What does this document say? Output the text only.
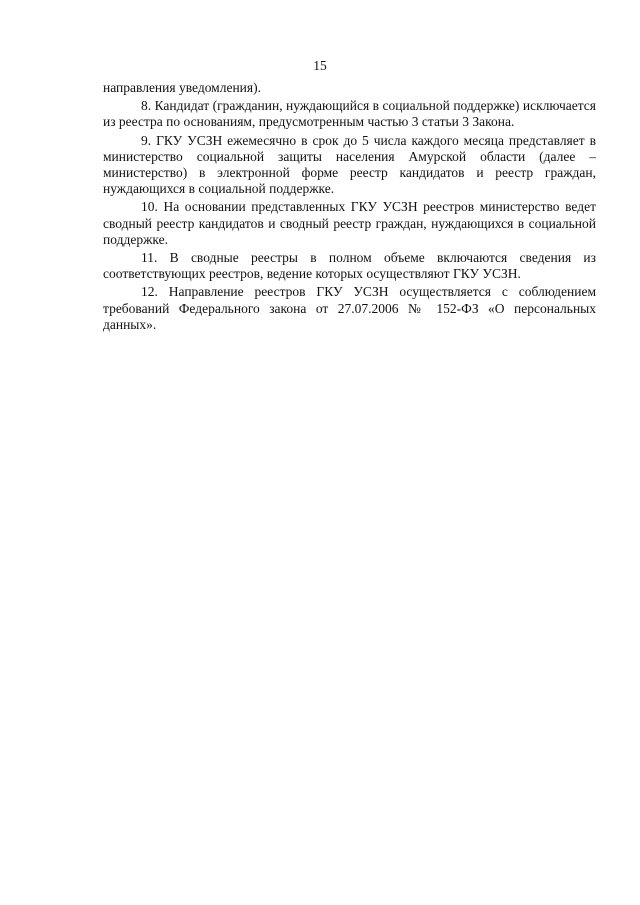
15

направления уведомления).

8. Кандидат (гражданин, нуждающийся в социальной поддержке) исключается из реестра по основаниям, предусмотренным частью 3 статьи 3 Закона.

9. ГКУ УСЗН ежемесячно в срок до 5 числа каждого месяца представляет в министерство социальной защиты населения Амурской области (далее – министерство) в электронной форме реестр кандидатов и реестр граждан, нуждающихся в социальной поддержке.

10. На основании представленных ГКУ УСЗН реестров министерство ведет сводный реестр кандидатов и сводный реестр граждан, нуждающихся в социальной поддержке.

11. В сводные реестры в полном объеме включаются сведения из соответствующих реестров, ведение которых осуществляют ГКУ УСЗН.

12. Направление реестров ГКУ УСЗН осуществляется с соблюдением требований Федерального закона от 27.07.2006 № 152-ФЗ «О персональных данных».
